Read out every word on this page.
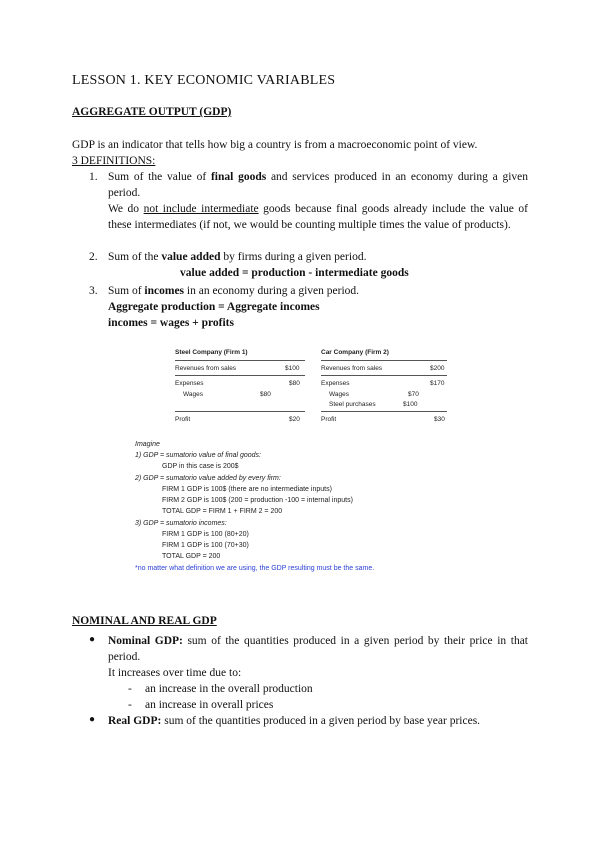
LESSON 1. KEY ECONOMIC VARIABLES
AGGREGATE OUTPUT (GDP)
GDP is an indicator that tells how big a country is from a macroeconomic point of view.
3 DEFINITIONS:
1. Sum of the value of final goods and services produced in an economy during a given period.
We do not include intermediate goods because final goods already include the value of these intermediates (if not, we would be counting multiple times the value of products).
2. Sum of the value added by firms during a given period.
value added = production - intermediate goods
3. Sum of incomes in an economy during a given period.
Aggregate production = Aggregate incomes
incomes = wages + profits
Steel Company (Firm 1)	Car Company (Firm 2)
Revenues from sales	$100	Revenues from sales	$200
Expenses	$80	Expenses	$170
Wages	$80	Wages	$70
Steel purchases	$100
Profit	$20	Profit	$30
Imagine
1) GDP = sumatorio value of final goods:
GDP in this case is 200$
2) GDP = sumatorio value added by every firm:
FIRM 1 GDP is 100$ (there are no intermediate inputs)
FIRM 2 GDP is 100$ (200 = production -100 = internal inputs)
TOTAL GDP = FIRM 1 + FIRM 2 = 200
3) GDP = sumatorio incomes:
FIRM 1 GDP is 100 (80+20)
FIRM 1 GDP is 100 (70+30)
TOTAL GDP = 200
*no matter what definition we are using, the GDP resulting must be the same.
NOMINAL AND REAL GDP
● Nominal GDP: sum of the quantities produced in a given period by their price in that period.
It increases over time due to:
- an increase in the overall production
- an increase in overall prices
● Real GDP: sum of the quantities produced in a given period by base year prices.
